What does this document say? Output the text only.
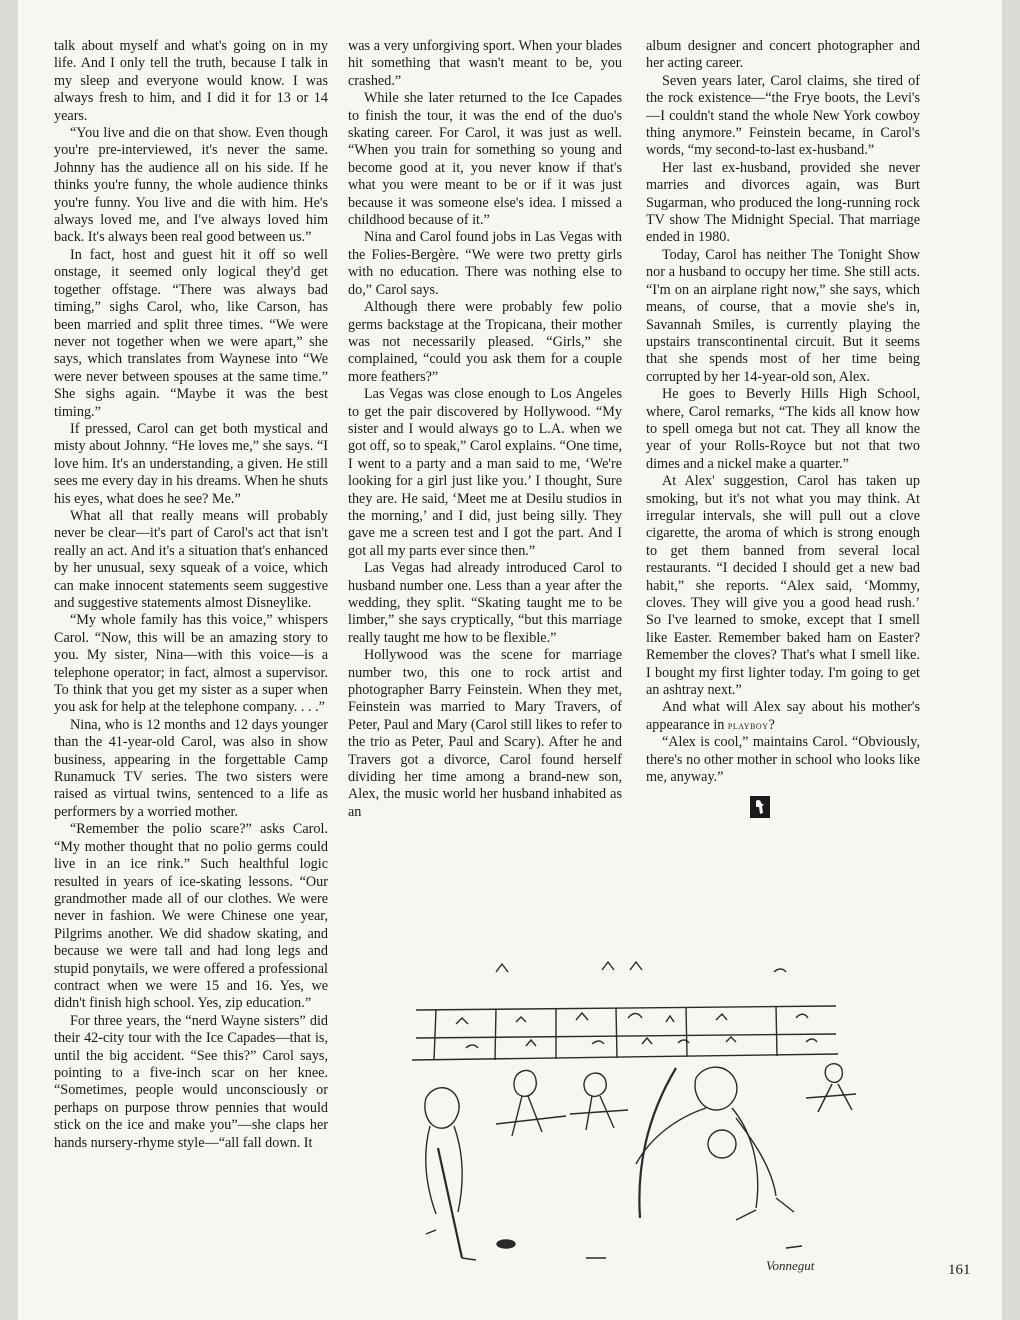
talk about myself and what's going on in my life. And I only tell the truth, because I talk in my sleep and everyone would know. I was always fresh to him, and I did it for 13 or 14 years.

“You live and die on that show. Even though you're pre-interviewed, it's never the same. Johnny has the audience all on his side. If he thinks you're funny, the whole audience thinks you're funny. You live and die with him. He's always loved me, and I've always loved him back. It's always been real good between us.”

In fact, host and guest hit it off so well onstage, it seemed only logical they'd get together offstage. “There was always bad timing,” sighs Carol, who, like Carson, has been married and split three times. “We were never not together when we were apart,” she says, which translates from Waynese into “We were never between spouses at the same time.” She sighs again. “Maybe it was the best timing.”

If pressed, Carol can get both mystical and misty about Johnny. “He loves me,” she says. “I love him. It's an understanding, a given. He still sees me every day in his dreams. When he shuts his eyes, what does he see? Me.”

What all that really means will probably never be clear—it's part of Carol's act that isn't really an act. And it's a situation that's enhanced by her unusual, sexy squeak of a voice, which can make innocent statements seem suggestive and suggestive statements almost Disneylike.

“My whole family has this voice,” whispers Carol. “Now, this will be an amazing story to you. My sister, Nina—with this voice—is a telephone operator; in fact, almost a supervisor. To think that you get my sister as a super when you ask for help at the telephone company. . . .”

Nina, who is 12 months and 12 days younger than the 41-year-old Carol, was also in show business, appearing in the forgettable Camp Runamuck TV series. The two sisters were raised as virtual twins, sentenced to a life as performers by a worried mother.

“Remember the polio scare?” asks Carol. “My mother thought that no polio germs could live in an ice rink.” Such healthful logic resulted in years of ice-skating lessons. “Our grandmother made all of our clothes. We were never in fashion. We were Chinese one year, Pilgrims another. We did shadow skating, and because we were tall and had long legs and stupid ponytails, we were offered a professional contract when we were 15 and 16. Yes, we didn't finish high school. Yes, zip education.”

For three years, the “nerd Wayne sisters” did their 42-city tour with the Ice Capades—that is, until the big accident. “See this?” Carol says, pointing to a five-inch scar on her knee. “Sometimes, people would unconsciously or perhaps on purpose throw pennies that would stick on the ice and make you”—she claps her hands nursery-rhyme style—“all fall down. It

was a very unforgiving sport. When your blades hit something that wasn't meant to be, you crashed.”

While she later returned to the Ice Capades to finish the tour, it was the end of the duo's skating career. For Carol, it was just as well. “When you train for something so young and become good at it, you never know if that's what you were meant to be or if it was just because it was someone else's idea. I missed a childhood because of it.”

Nina and Carol found jobs in Las Vegas with the Folies-Bergère. “We were two pretty girls with no education. There was nothing else to do,” Carol says.

Although there were probably few polio germs backstage at the Tropicana, their mother was not necessarily pleased. “Girls,” she complained, “could you ask them for a couple more feathers?”

Las Vegas was close enough to Los Angeles to get the pair discovered by Hollywood. “My sister and I would always go to L.A. when we got off, so to speak,” Carol explains. “One time, I went to a party and a man said to me, ‘We're looking for a girl just like you.’ I thought, Sure they are. He said, ‘Meet me at Desilu studios in the morning,’ and I did, just being silly. They gave me a screen test and I got the part. And I got all my parts ever since then.”

Las Vegas had already introduced Carol to husband number one. Less than a year after the wedding, they split. “Skating taught me to be limber,” she says cryptically, “but this marriage really taught me how to be flexible.”

Hollywood was the scene for marriage number two, this one to rock artist and photographer Barry Feinstein. When they met, Feinstein was married to Mary Travers, of Peter, Paul and Mary (Carol still likes to refer to the trio as Peter, Paul and Scary). After he and Travers got a divorce, Carol found herself dividing her time among a brand-new son, Alex, the music world her husband inhabited as an

album designer and concert photographer and her acting career.

Seven years later, Carol claims, she tired of the rock existence—“the Frye boots, the Levi's—I couldn't stand the whole New York cowboy thing anymore.” Feinstein became, in Carol's words, “my second-to-last ex-husband.”

Her last ex-husband, provided she never marries and divorces again, was Burt Sugarman, who produced the long-running rock TV show The Midnight Special. That marriage ended in 1980.

Today, Carol has neither The Tonight Show nor a husband to occupy her time. She still acts. “I'm on an airplane right now,” she says, which means, of course, that a movie she's in, Savannah Smiles, is currently playing the upstairs transcontinental circuit. But it seems that she spends most of her time being corrupted by her 14-year-old son, Alex.

He goes to Beverly Hills High School, where, Carol remarks, “The kids all know how to spell omega but not cat. They all know the year of your Rolls-Royce but not that two dimes and a nickel make a quarter.”

At Alex' suggestion, Carol has taken up smoking, but it's not what you may think. At irregular intervals, she will pull out a clove cigarette, the aroma of which is strong enough to get them banned from several local restaurants. “I decided I should get a new bad habit,” she reports. “Alex said, ‘Mommy, cloves. They will give you a good head rush.’ So I've learned to smoke, except that I smell like Easter. Remember baked ham on Easter? Remember the cloves? That's what I smell like. I bought my first lighter today. I'm going to get an ashtray next.”

And what will Alex say about his mother's appearance in playboy?

“Alex is cool,” maintains Carol. “Obviously, there's no other mother in school who looks like me, anyway.”

Vonnegut	161
